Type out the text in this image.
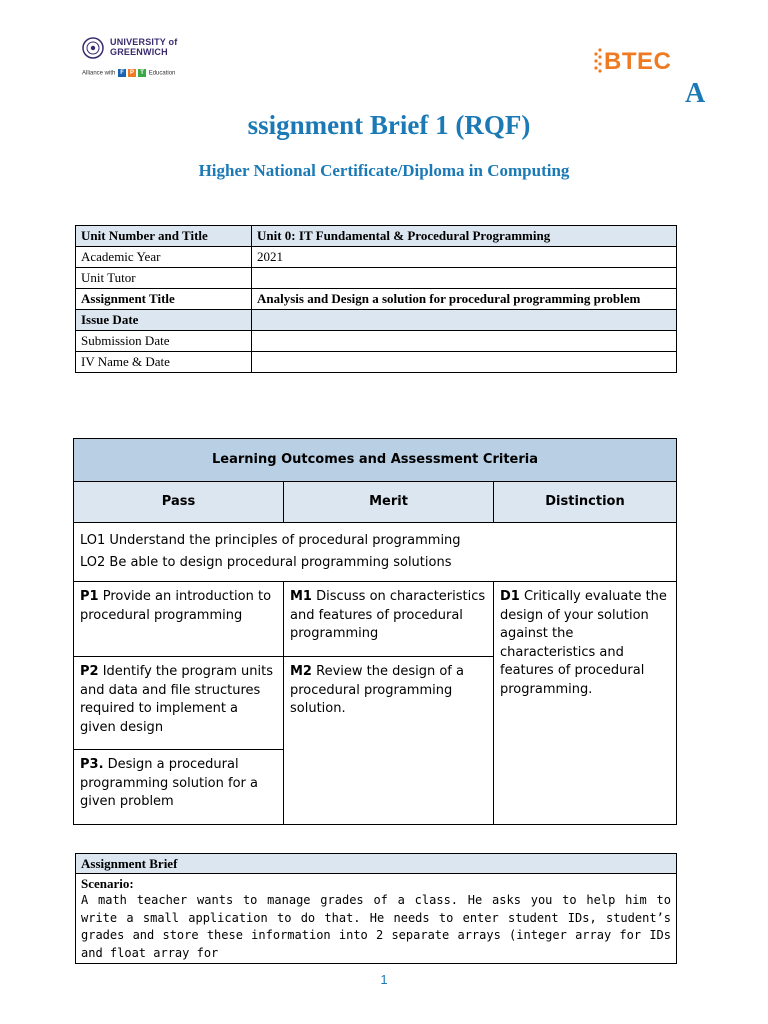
UNIVERSITY of
GREENWICH
Alliance with F P T Education	BTEC
A
ssignment Brief 1 (RQF)
Higher National Certificate/Diploma in Computing
Unit Number and Title	Unit 0: IT Fundamental & Procedural Programming
Academic Year	2021
Unit Tutor	
Assignment Title	Analysis and Design a solution for procedural programming problem
Issue Date	
Submission Date	
IV Name & Date	
Learning Outcomes and Assessment Criteria		
Pass	Merit	Distinction

LO1 Understand the principles of procedural programming
LO2 Be able to design procedural programming solutions		

P1 Provide an introduction to procedural programming	M1 Discuss on characteristics and features of procedural programming	D1 Critically evaluate the design of your solution against the characteristics and features of procedural programming.
P2 Identify the program units and data and file structures required to implement a given design	M2 Review the design of a procedural programming solution.	
P3. Design a procedural programming solution for a given problem		
Assignment Brief

Scenario:
A math teacher wants to manage grades of a class. He asks you to help him to write a small application to do that. He needs to enter student IDs, student’s grades and store these information into 2 separate arrays (integer array for IDs and float array for
1
